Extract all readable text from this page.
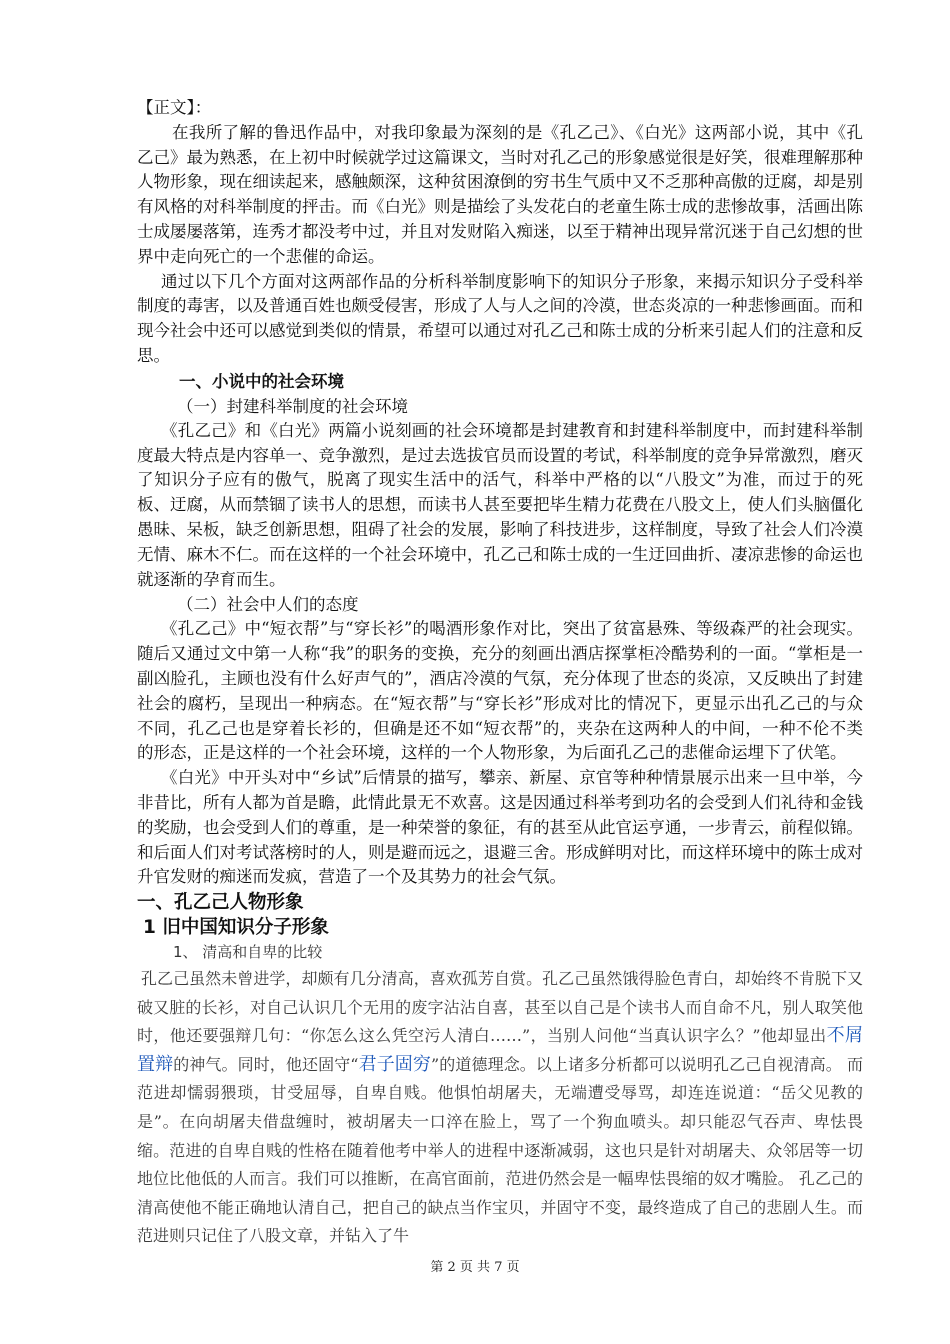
【正文】：

在我所了解的鲁迅作品中，对我印象最为深刻的是《孔乙己》、《白光》这两部小说，其中《孔乙己》最为熟悉，在上初中时候就学过这篇课文，当时对孔乙己的形象感觉很是好笑，很难理解那种人物形象，现在细读起来，感触颇深，这种贫困潦倒的穷书生气质中又不乏那种高傲的迂腐，却是别有风格的对科举制度的抨击。而《白光》则是描绘了头发花白的老童生陈士成的悲惨故事，活画出陈士成屡屡落第，连秀才都没考中过，并且对发财陷入痴迷，以至于精神出现异常沉迷于自己幻想的世界中走向死亡的一个悲催的命运。

通过以下几个方面对这两部作品的分析科举制度影响下的知识分子形象，来揭示知识分子受科举制度的毒害，以及普通百姓也颇受侵害，形成了人与人之间的冷漠，世态炎凉的一种悲惨画面。而和现今社会中还可以感觉到类似的情景，希望可以通过对孔乙己和陈士成的分析来引起人们的注意和反思。

一、小说中的社会环境

（一）封建科举制度的社会环境

《孔乙己》和《白光》两篇小说刻画的社会环境都是封建教育和封建科举制度中，而封建科举制度最大特点是内容单一、竞争激烈，是过去选拔官员而设置的考试，科举制度的竞争异常激烈，磨灭了知识分子应有的傲气，脱离了现实生活中的活气，科举中严格的以“八股文”为准，而过于的死板、迂腐，从而禁锢了读书人的思想，而读书人甚至要把毕生精力花费在八股文上，使人们头脑僵化愚昧、呆板，缺乏创新思想，阻碍了社会的发展，影响了科技进步，这样制度，导致了社会人们冷漠无情、麻木不仁。而在这样的一个社会环境中，孔乙己和陈士成的一生迂回曲折、凄凉悲惨的命运也就逐渐的孕育而生。

（二）社会中人们的态度

《孔乙己》中“短衣帮”与“穿长衫”的喝酒形象作对比，突出了贫富悬殊、等级森严的社会现实。随后又通过文中第一人称“我”的职务的变换，充分的刻画出酒店探掌柜冷酷势利的一面。“掌柜是一副凶脸孔，主顾也没有什么好声气的”，酒店冷漠的气氛，充分体现了世态的炎凉，又反映出了封建社会的腐朽，呈现出一种病态。在“短衣帮”与“穿长衫”形成对比的情况下，更显示出孔乙己的与众不同，孔乙己也是穿着长衫的，但确是还不如“短衣帮”的，夹杂在这两种人的中间，一种不伦不类的形态，正是这样的一个社会环境，这样的一个人物形象，为后面孔乙己的悲催命运埋下了伏笔。

《白光》中开头对中“乡试”后情景的描写，攀亲、新屋、京官等种种情景展示出来一旦中举，今非昔比，所有人都为首是瞻，此情此景无不欢喜。这是因通过科举考到功名的会受到人们礼待和金钱的奖励，也会受到人们的尊重，是一种荣誉的象征，有的甚至从此官运亨通，一步青云，前程似锦。 和后面人们对考试落榜时的人，则是避而远之，退避三舍。形成鲜明对比，而这样环境中的陈士成对升官发财的痴迷而发疯，营造了一个及其势力的社会气氛。

一、孔乙己人物形象

1 旧中国知识分子形象

1、 清高和自卑的比较

孔乙己虽然未曾进学，却颇有几分清高，喜欢孤芳自赏。孔乙己虽然饿得脸色青白，却始终不肯脱下又破又脏的长衫，对自己认识几个无用的废字沾沾自喜，甚至以自己是个读书人而自命不凡，别人取笑他时，他还要强辩几句：“你怎么这么凭空污人清白……”，当别人问他“当真认识字么？”他却显出不屑置辩的神气。同时，他还固守“君子固穷”的道德理念。以上诸多分析都可以说明孔乙己自视清高。 而范进却懦弱猥琐，甘受屈辱，自卑自贱。他惧怕胡屠夫，无端遭受辱骂，却连连说道：“岳父见教的是”。在向胡屠夫借盘缠时，被胡屠夫一口淬在脸上，骂了一个狗血喷头。却只能忍气吞声、卑怯畏缩。范进的自卑自贱的性格在随着他考中举人的进程中逐渐减弱，这也只是针对胡屠夫、众邻居等一切地位比他低的人而言。我们可以推断，在高官面前，范进仍然会是一幅卑怯畏缩的奴才嘴脸。 孔乙己的清高使他不能正确地认清自己，把自己的缺点当作宝贝，并固守不变，最终造成了自己的悲剧人生。而范进则只记住了八股文章，并钻入了牛

第 2 页 共 7 页
